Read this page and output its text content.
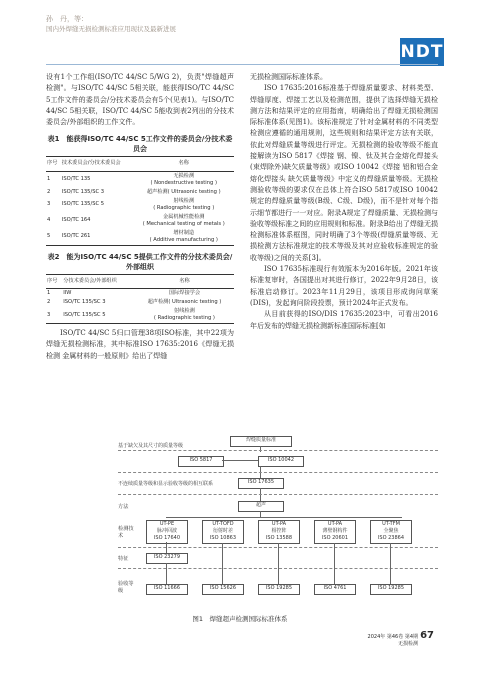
孙　丹，等：
国内外焊缝无损检测标准应用现状及最新进展
NDT

设有1个工作组(ISO/TC 44/SC 5/WG 2)，负责"焊缝超声检测"。与ISO/TC 44/SC 5相关联，能获得ISO/TC 44/SC 5工作文件的委员会/分技术委员会有5个(见表1)。与ISO/TC 44/SC 5相关联，ISO/TC 44/SC 5能收到表2列出的分技术委员会/外部组织的工作文件。

表1　能获得ISO/TC 44/SC 5工作文件的委员会/分技术委员会
序号	技术委员会/分技术委员会	名称
1	ISO/TC 135	无损检测
( Nondestructive testing )
2	ISO/TC 135/SC 3	超声检测( Ultrasonic testing )
3	ISO/TC 135/SC 5	射线检测
( Radiographic testing )
4	ISO/TC 164	金属机械性能检测
( Mechanical testing of metals )
5	ISO/TC 261	增材制造
( Additive manufacturing )
表2　能为ISO/TC 44/SC 5提供工作文件的分技术委员会/外部组织
序号	分技术委员会/外部组织	名称
1	IIW	国际焊接学会
2	ISO/TC 135/SC 3	超声检测( Ultrasonic testing )
3	ISO/TC 135/SC 5	射线检测
( Radiographic testing )

ISO/TC 44/SC 5归口管理38项ISO标准，其中22项为焊缝无损检测标准，其中标准ISO 17635:2016《焊缝无损检测 金属材料的一般原则》给出了焊缝

无损检测国际标准体系。

ISO 17635:2016标准基于焊缝质量要求、材料类型、焊缝厚度、焊接工艺以及检测范围，提供了选择焊缝无损检测方法和结果评定的应用指南，明确给出了焊缝无损检测国际标准体系(见图1)。该标准规定了针对金属材料的不同类型检测应遵循的通用规则，这些规则和结果评定方法有关联，依此对焊缝质量等级进行评定。无损检测的验收等级不能直接解读为ISO 5817《焊接 钢、镍、钛及其合金熔化焊接头(束焊除外)缺欠质量等级》或ISO 10042《焊接 铝和铝合金熔化焊接头 缺欠质量等级》中定义的焊缝质量等级。无损检测验收等级的要求仅在总体上符合ISO 5817或ISO 10042规定的焊缝质量等级(B级、C级、D级)，而不是针对每个指示细节都进行一一对应。附录A规定了焊缝质量、无损检测与验收等级标准之间的应用规则和标准。附录B给出了焊缝无损检测标准体系框图，同时明确了3个等级(焊缝质量等级、无损检测方法标准规定的技术等级及其对应验收标准规定的验收等级)之间的关系[3]。

ISO 17635标准现行有效版本为2016年版。2021年该标准复审时，各国提出对其进行修订，2022年9月28日，该标准启动修订。2023年11月29日，该项目形成询问草案(DIS)，发起询问阶段投票，预计2024年正式发布。

从目前获得的ISO/DIS 17635:2023中，可看出2016年后发布的焊缝无损检测新标准国际标准[如

焊缝质量标准
基于缺欠及其尺寸的质量等级
ISO 5817	ISO 10042
不连续质量等级和显示验收等级的相互联系	ISO 17635
方法	超声
检测技术
UT-PE
脉冲回波
ISO 17640
UT-TOFD
衍射时差
ISO 10863
UT-PA
相控阵
ISO 13588
UT-PA
薄壁钢构件
ISO 20601
UT-TFM
全聚焦
ISO 23864
特征	ISO 23279
验收等级	ISO 11666	ISO 15626	ISO 19285	ISO 4761	ISO 19285
图1　焊缝超声检测国际标准体系
2024年 第46卷 第4期
无损检测
67
